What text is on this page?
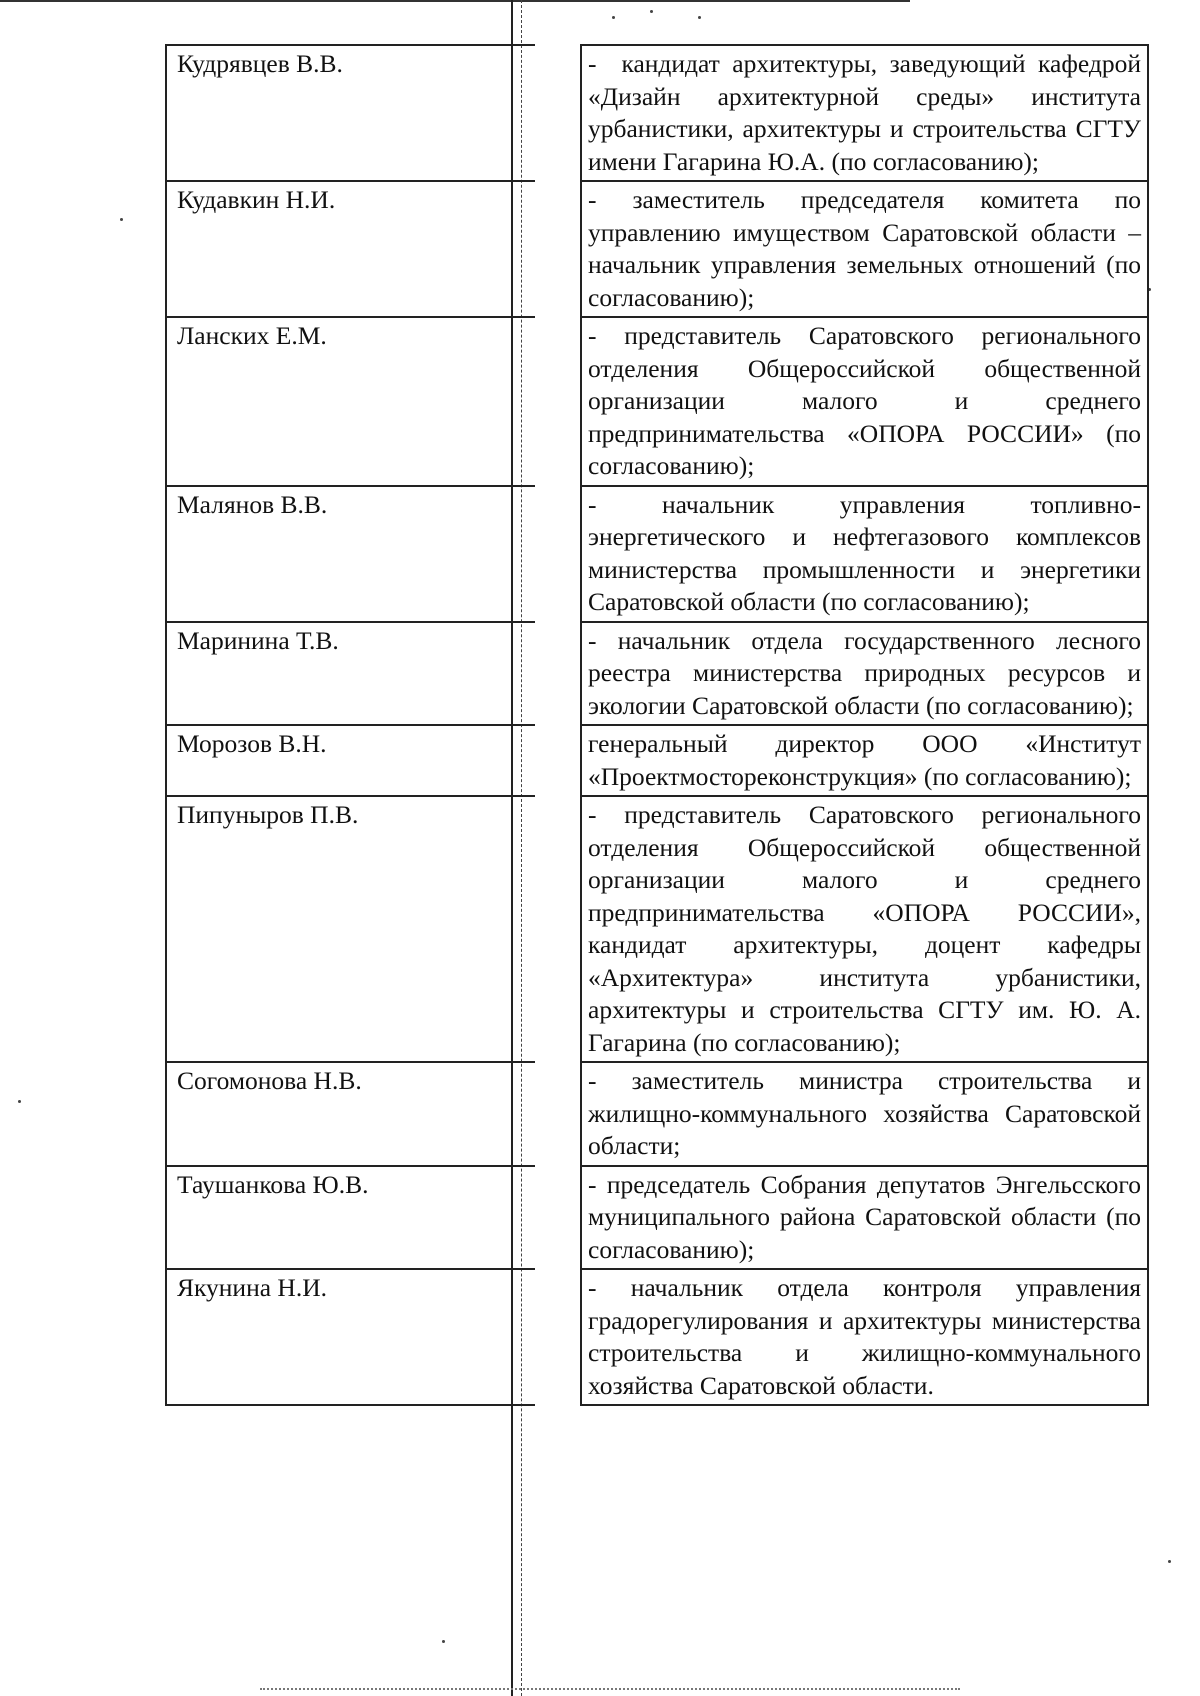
Кудрявцев В.В.		-  кандидат архитектуры, заведующий кафедрой «Дизайн архитектурной среды» института урбанистики, архитектуры и строительства СГТУ имени Гагарина Ю.А. (по согласованию);
Кудавкин Н.И.		- заместитель председателя комитета по управлению имуществом Саратовской области – начальник управления земельных отношений (по согласованию);
Ланских Е.М.		- представитель Саратовского регионального отделения Общероссийской общественной организации малого и среднего предпринимательства «ОПОРА РОССИИ» (по согласованию);
Малянов В.В.		- начальник управления топливно-энергетического и нефтегазового комплексов министерства промышленности и энергетики Саратовской области (по согласованию);
Маринина Т.В.		- начальник отдела государственного лесного реестра министерства природных ресурсов и экологии Саратовской области (по согласованию);
Морозов В.Н.		генеральный директор ООО «Институт «Проектмостореконструкция» (по согласованию);
Пипуныров П.В.		- представитель Саратовского регионального отделения Общероссийской общественной организации малого и среднего предпринимательства «ОПОРА РОССИИ», кандидат архитектуры, доцент кафедры «Архитектура» института урбанистики, архитектуры и строительства СГТУ им. Ю. А. Гагарина (по согласованию);
Согомонова Н.В.		- заместитель министра строительства и жилищно-коммунального хозяйства Саратовской области;
Таушанкова Ю.В.		- председатель Собрания депутатов Энгельсского муниципального района Саратовской области (по согласованию);
Якунина Н.И.		- начальник отдела контроля управления градорегулирования и архитектуры министерства строительства и жилищно-коммунального хозяйства Саратовской области.
